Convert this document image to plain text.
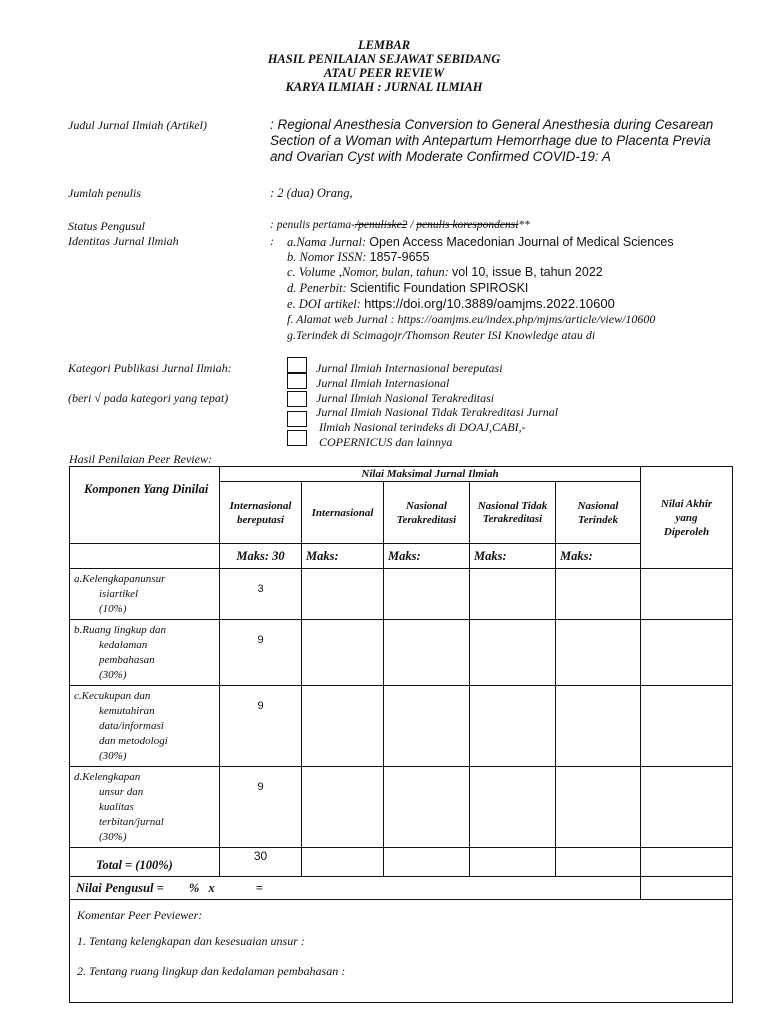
LEMBAR
HASIL PENILAIAN SEJAWAT SEBIDANG
ATAU PEER REVIEW
KARYA ILMIAH : JURNAL ILMIAH
Judul Jurnal Ilmiah (Artikel)	: Regional Anesthesia Conversion to General Anesthesia during Cesarean
Section of a Woman with Antepartum Hemorrhage due to Placenta Previa
and Ovarian Cyst with Moderate Confirmed COVID-19: A
Jumlah penulis	: 2 (dua) Orang,
Status Pengusul	: penulis pertama-/penuliske2 / penulis korespondensi**
Identitas Jurnal Ilmiah	: a.Nama Jurnal: Open Access Macedonian Journal of Medical Sciences
b. Nomor ISSN: 1857-9655
c. Volume ,Nomor, bulan, tahun: vol 10, issue B, tahun 2022
d. Penerbit: Scientific Foundation SPIROSKI
e. DOI artikel: https://doi.org/10.3889/oamjms.2022.10600
f. Alamat web Jurnal : https://oamjms.eu/index.php/mjms/article/view/10600
g.Terindek di Scimagojr/Thomson Reuter ISI Knowledge atau di
Kategori Publikasi Jurnal Ilmiah:
(beri √ pada kategori yang tepat)
Jurnal Ilmiah Internasional bereputasi
Jurnal Ilmiah Internasional
Jurnal Ilmiah Nasional Terakreditasi
Jurnal Ilmiah Nasional Tidak Terakreditasi Jurnal
Ilmiah Nasional terindeks di DOAJ,CABI,-
COPERNICUS dan lainnya
Hasil Penilaian Peer Review:
Komponen Yang Dinilai	Nilai Maksimal Jurnal Ilmiah					Nilai Akhir yang Diperoleh
	Internasional bereputasi	Internasional	Nasional Terakreditasi	Nasional Tidak Terakreditasi	Nasional Terindek	
	Maks: 30	Maks:	Maks:	Maks:	Maks:	

a.Kelengkapanunsur
isiartikel
(10%)	3					

b.Ruang lingkup dan
kedalaman
pembahasan
(30%)	9					

c.Kecukupan dan
kemutahiran
data/informasi
dan metodologi
(30%)	9					

d.Kelengkapan
unsur dan
kualitas
terbitan/jurnal
(30%)	9					
Total = (100%)	30					
Nilai Pengusul = % x =						

Komentar Peer Peviewer:
1. Tentang kelengkapan dan kesesuaian unsur :
2. Tentang ruang lingkup dan kedalaman pembahasan :						
